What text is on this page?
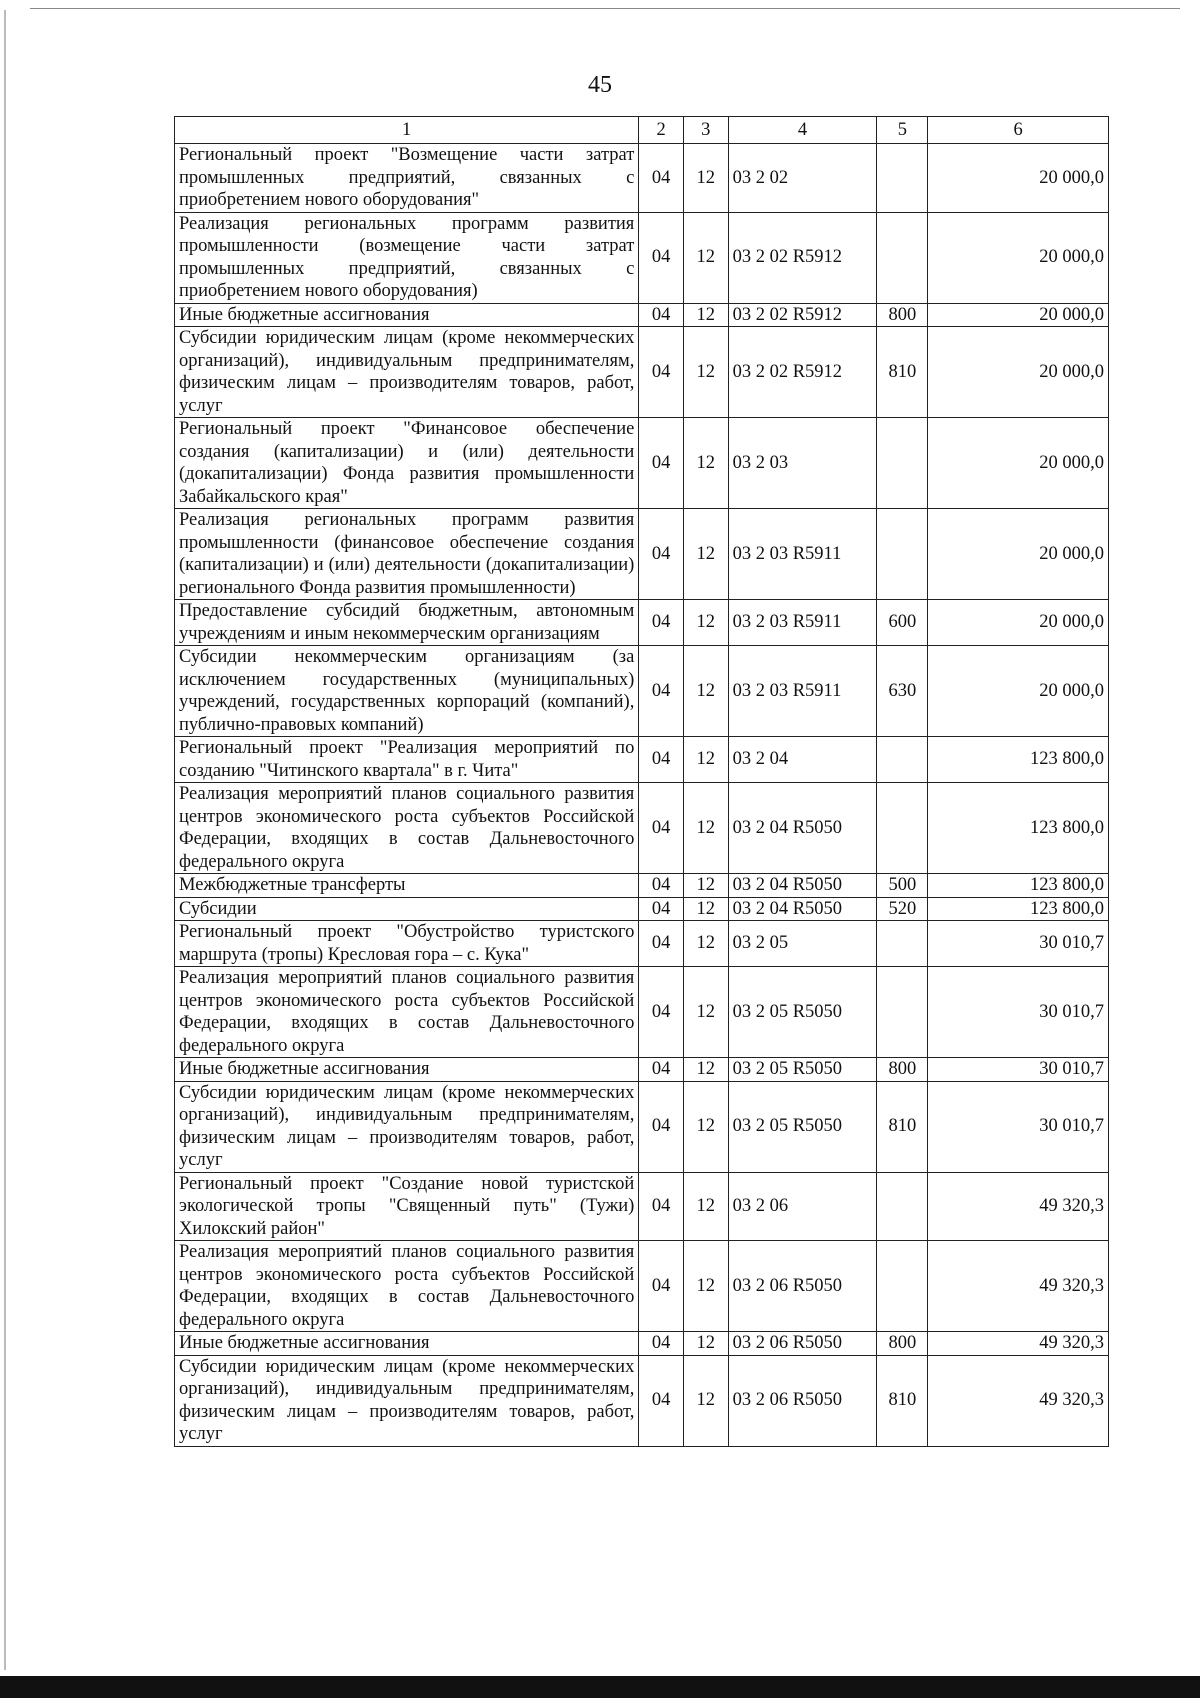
45
1	2	3	4	5	6
Региональный проект "Возмещение части затрат промышленных предприятий, связанных с приобретением нового оборудования"	04	12	03 2 02		20 000,0
Реализация региональных программ развития промышленности (возмещение части затрат промышленных предприятий, связанных с приобретением нового оборудования)	04	12	03 2 02 R5912		20 000,0
Иные бюджетные ассигнования	04	12	03 2 02 R5912	800	20 000,0
Субсидии юридическим лицам (кроме некоммерческих организаций), индивидуальным предпринимателям, физическим лицам – производителям товаров, работ, услуг	04	12	03 2 02 R5912	810	20 000,0
Региональный проект "Финансовое обеспечение создания (капитализации) и (или) деятельности (докапитализации) Фонда развития промышленности Забайкальского края"	04	12	03 2 03		20 000,0
Реализация региональных программ развития промышленности (финансовое обеспечение создания (капитализации) и (или) деятельности (докапитализации) регионального Фонда развития промышленности)	04	12	03 2 03 R5911		20 000,0
Предоставление субсидий бюджетным, автономным учреждениям и иным некоммерческим организациям	04	12	03 2 03 R5911	600	20 000,0
Субсидии некоммерческим организациям (за исключением государственных (муниципальных) учреждений, государственных корпораций (компаний), публично-правовых компаний)	04	12	03 2 03 R5911	630	20 000,0
Региональный проект "Реализация мероприятий по созданию "Читинского квартала" в г. Чита"	04	12	03 2 04		123 800,0
Реализация мероприятий планов социального развития центров экономического роста субъектов Российской Федерации, входящих в состав Дальневосточного федерального округа	04	12	03 2 04 R5050		123 800,0
Межбюджетные трансферты	04	12	03 2 04 R5050	500	123 800,0
Субсидии	04	12	03 2 04 R5050	520	123 800,0
Региональный проект "Обустройство туристского маршрута (тропы) Кресловая гора – с. Кука"	04	12	03 2 05		30 010,7
Реализация мероприятий планов социального развития центров экономического роста субъектов Российской Федерации, входящих в состав Дальневосточного федерального округа	04	12	03 2 05 R5050		30 010,7
Иные бюджетные ассигнования	04	12	03 2 05 R5050	800	30 010,7
Субсидии юридическим лицам (кроме некоммерческих организаций), индивидуальным предпринимателям, физическим лицам – производителям товаров, работ, услуг	04	12	03 2 05 R5050	810	30 010,7
Региональный проект "Создание новой туристской экологической тропы "Священный путь" (Тужи) Хилокский район"	04	12	03 2 06		49 320,3
Реализация мероприятий планов социального развития центров экономического роста субъектов Российской Федерации, входящих в состав Дальневосточного федерального округа	04	12	03 2 06 R5050		49 320,3
Иные бюджетные ассигнования	04	12	03 2 06 R5050	800	49 320,3
Субсидии юридическим лицам (кроме некоммерческих организаций), индивидуальным предпринимателям, физическим лицам – производителям товаров, работ, услуг	04	12	03 2 06 R5050	810	49 320,3
